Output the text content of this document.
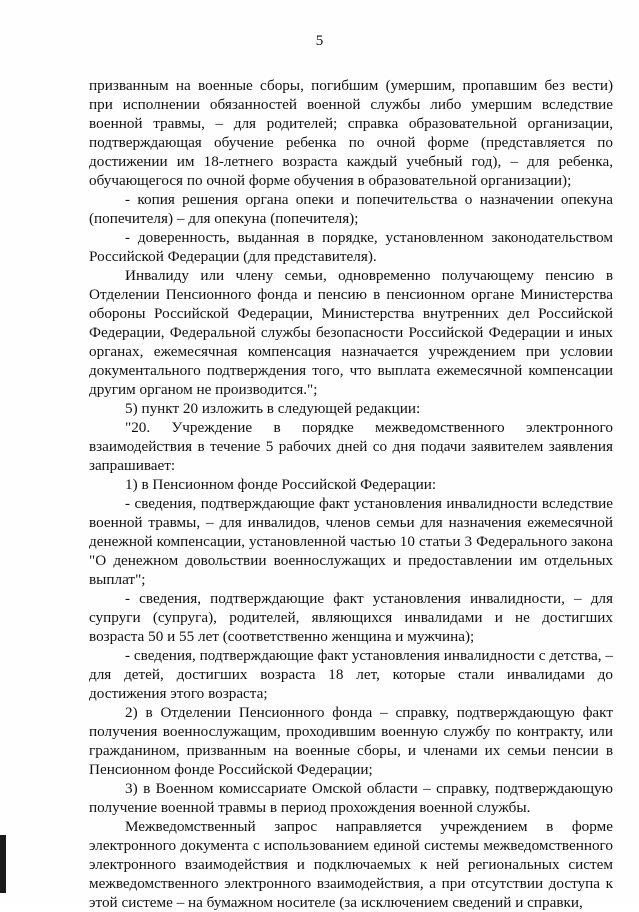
5

призванным на военные сборы, погибшим (умершим, пропавшим без вести) при исполнении обязанностей военной службы либо умершим вследствие военной травмы, – для родителей; справка образовательной организации, подтверждающая обучение ребенка по очной форме (представляется по достижении им 18-летнего возраста каждый учебный год), – для ребенка, обучающегося по очной форме обучения в образовательной организации);

- копия решения органа опеки и попечительства о назначении опекуна (попечителя) – для опекуна (попечителя);

- доверенность, выданная в порядке, установленном законодательством Российской Федерации (для представителя).

Инвалиду или члену семьи, одновременно получающему пенсию в Отделении Пенсионного фонда и пенсию в пенсионном органе Министерства обороны Российской Федерации, Министерства внутренних дел Российской Федерации, Федеральной службы безопасности Российской Федерации и иных органах, ежемесячная компенсация назначается учреждением при условии документального подтверждения того, что выплата ежемесячной компенсации другим органом не производится.";

5) пункт 20 изложить в следующей редакции:

"20. Учреждение в порядке межведомственного электронного взаимодействия в течение 5 рабочих дней со дня подачи заявителем заявления запрашивает:

1) в Пенсионном фонде Российской Федерации:

- сведения, подтверждающие факт установления инвалидности вследствие военной травмы, – для инвалидов, членов семьи для назначения ежемесячной денежной компенсации, установленной частью 10 статьи 3 Федерального закона "О денежном довольствии военнослужащих и предоставлении им отдельных выплат";

- сведения, подтверждающие факт установления инвалидности, – для супруги (супруга), родителей, являющихся инвалидами и не достигших возраста 50 и 55 лет (соответственно женщина и мужчина);

- сведения, подтверждающие факт установления инвалидности с детства, – для детей, достигших возраста 18 лет, которые стали инвалидами до достижения этого возраста;

2) в Отделении Пенсионного фонда – справку, подтверждающую факт получения военнослужащим, проходившим военную службу по контракту, или гражданином, призванным на военные сборы, и членами их семьи пенсии в Пенсионном фонде Российской Федерации;

3) в Военном комиссариате Омской области – справку, подтверждающую получение военной травмы в период прохождения военной службы.

Межведомственный запрос направляется учреждением в форме электронного документа с использованием единой системы межведомственного электронного взаимодействия и подключаемых к ней региональных систем межведомственного электронного взаимодействия, а при отсутствии доступа к этой системе – на бумажном носителе (за исключением сведений и справки,
